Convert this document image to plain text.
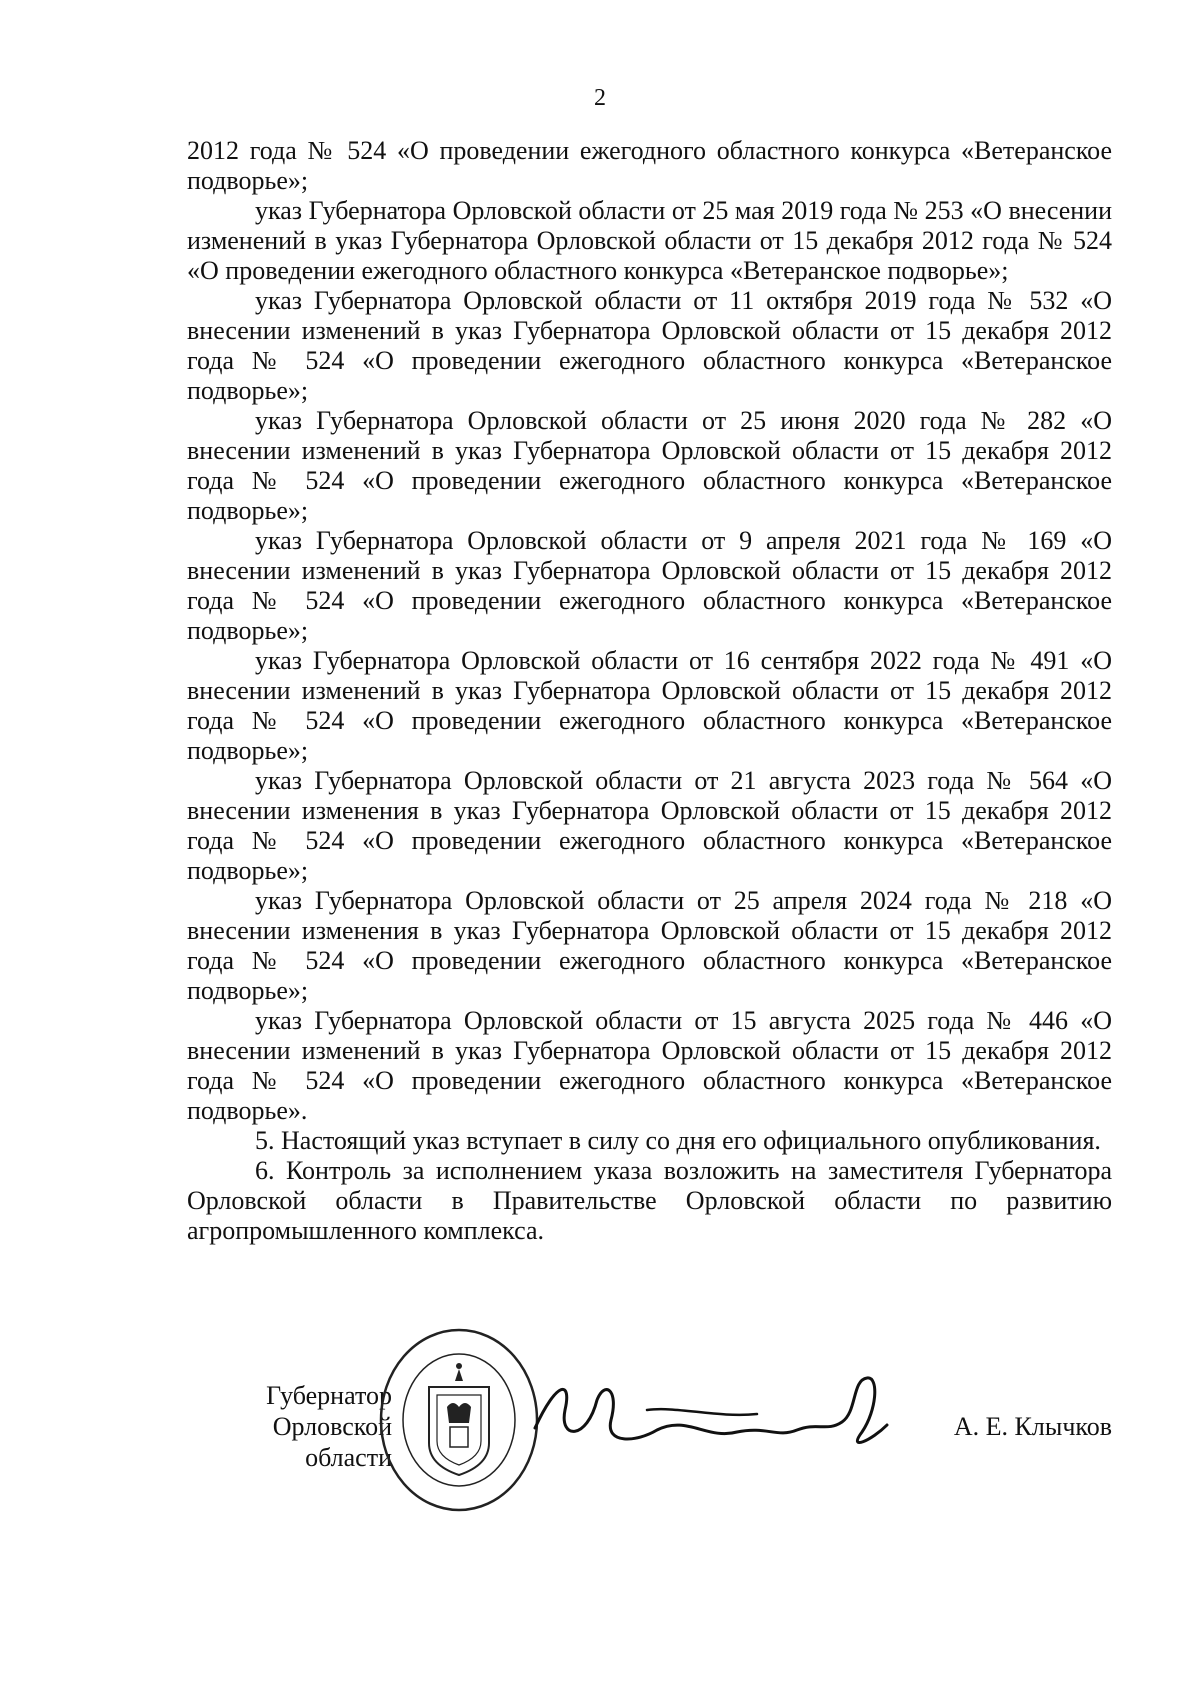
2

2012 года № 524 «О проведении ежегодного областного конкурса «Ветеранское подворье»;

указ Губернатора Орловской области от 25 мая 2019 года № 253 «О внесении изменений в указ Губернатора Орловской области от 15 декабря 2012 года № 524 «О проведении ежегодного областного конкурса «Ветеранское подворье»;

указ Губернатора Орловской области от 11 октября 2019 года № 532 «О внесении изменений в указ Губернатора Орловской области от 15 декабря 2012 года № 524 «О проведении ежегодного областного конкурса «Ветеранское подворье»;

указ Губернатора Орловской области от 25 июня 2020 года № 282 «О внесении изменений в указ Губернатора Орловской области от 15 декабря 2012 года № 524 «О проведении ежегодного областного конкурса «Ветеранское подворье»;

указ Губернатора Орловской области от 9 апреля 2021 года № 169 «О внесении изменений в указ Губернатора Орловской области от 15 декабря 2012 года № 524 «О проведении ежегодного областного конкурса «Ветеранское подворье»;

указ Губернатора Орловской области от 16 сентября 2022 года № 491 «О внесении изменений в указ Губернатора Орловской области от 15 декабря 2012 года № 524 «О проведении ежегодного областного конкурса «Ветеранское подворье»;

указ Губернатора Орловской области от 21 августа 2023 года № 564 «О внесении изменения в указ Губернатора Орловской области от 15 декабря 2012 года № 524 «О проведении ежегодного областного конкурса «Ветеранское подворье»;

указ Губернатора Орловской области от 25 апреля 2024 года № 218 «О внесении изменения в указ Губернатора Орловской области от 15 декабря 2012 года № 524 «О проведении ежегодного областного конкурса «Ветеранское подворье»;

указ Губернатора Орловской области от 15 августа 2025 года № 446 «О внесении изменений в указ Губернатора Орловской области от 15 декабря 2012 года № 524 «О проведении ежегодного областного конкурса «Ветеранское подворье».

5. Настоящий указ вступает в силу со дня его официального опубликования.

6. Контроль за исполнением указа возложить на заместителя Губернатора Орловской области в Правительстве Орловской области по развитию агропромышленного комплекса.

Губернатор
Орловской области
А. Е. Клычков
